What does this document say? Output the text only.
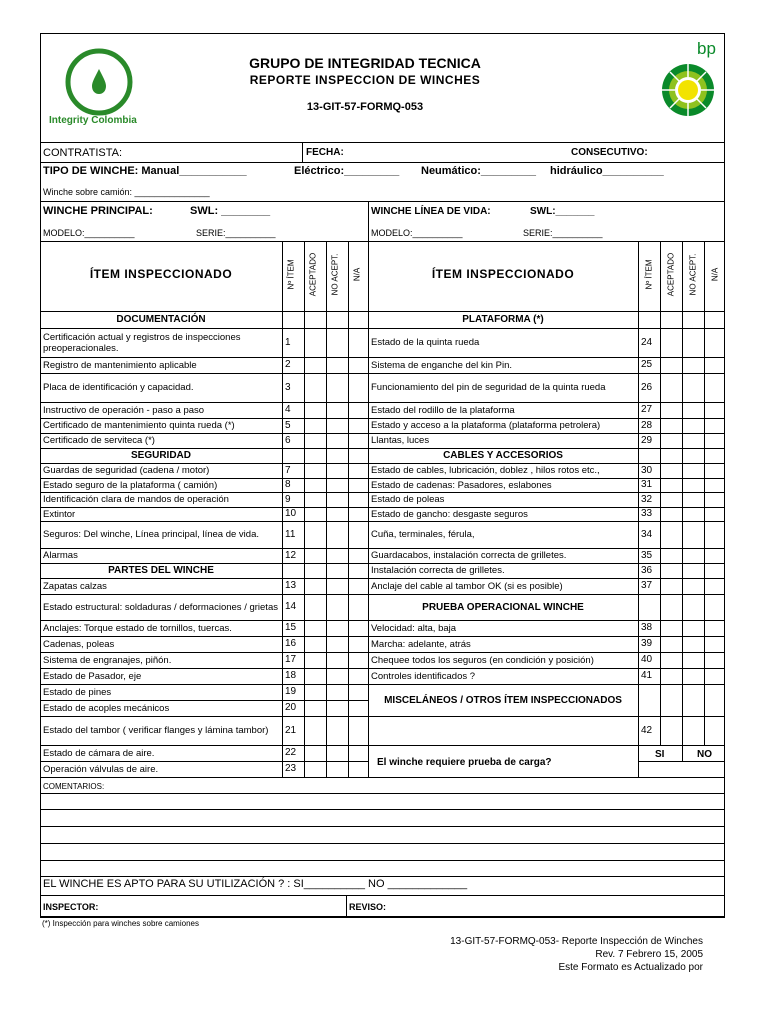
Integrity Colombia
GRUPO DE INTEGRIDAD TECNICA
REPORTE INSPECCION DE WINCHES
13-GIT-57-FORMQ-053
bp
CONTRATISTA:	FECHA:	CONSECUTIVO:
TIPO DE WINCHE: Manual___________	Eléctrico:_________ Neumático:_________ hidráulico__________
Winche sobre camión: _______________
WINCHE PRINCIPAL:	SWL: ________	WINCHE LÍNEA DE VIDA:	SWL:_______
MODELO:__________	SERIE:__________	MODELO:__________	SERIE:__________
ÍTEM INSPECCIONADO	ÍTEM INSPECCIONADO
Nº ÍTEM ACEPTADO NO ACEPT. N/A	Nº ÍTEM ACEPTADO NO ACEPT. N/A
DOCUMENTACIÓN
Certificación actual y registros de inspecciones preoperacionales.
1
Registro de mantenimiento aplicable	2
Placa de identificación y capacidad.	3
Instructivo de operación - paso a paso	4
Certificado de mantenimiento quinta rueda (*)	5
Certificado de serviteca (*)	6
SEGURIDAD
Guardas de seguridad (cadena / motor)	7
Estado seguro de la plataforma ( camión)	8
Identificación clara de mandos de operación	9
Extintor	10
Seguros: Del winche, Línea principal, línea de vida.	11
Alarmas	12
PARTES DEL WINCHE
Zapatas calzas	13
Estado estructural: soldaduras / deformaciones / grietas 14
Anclajes: Torque estado de tornillos, tuercas.	15
Cadenas, poleas	16
Sistema de engranajes, piñón.	17
Estado de Pasador, eje	18
Estado de pines	19
Estado de acoples mecánicos	20
Estado del tambor ( verificar flanges y lámina tambor)	21
Estado de cámara de aire.	22
Operación válvulas de aire.	23
PLATAFORMA (*)
Estado de la quinta rueda	24
Sistema de enganche del kin Pin.	25
Funcionamiento del pin de seguridad de la quinta rueda	26
Estado del rodillo de la plataforma	27
Estado y acceso a la plataforma (plataforma petrolera)	28
Llantas, luces	29
CABLES Y ACCESORIOS
Estado de cables, lubricación, doblez , hilos rotos etc.,	30
Estado de cadenas: Pasadores, eslabones	31
Estado de poleas	32
Estado de gancho: desgaste seguros	33
Cuña, terminales, férula,	34
Guardacabos, instalación correcta de grilletes.	35
Instalación correcta de grilletes.	36
Anclaje del cable al tambor OK (si es posible)	37
PRUEBA OPERACIONAL WINCHE
Velocidad: alta, baja	38
Marcha: adelante, atrás	39
Chequee todos los seguros (en condición y posición)	40
Controles identificados ?	41
MISCELÁNEOS / OTROS ÍTEM INSPECCIONADOS
42
El winche requiere prueba de carga?
SI	NO
COMENTARIOS:
EL WINCHE ES APTO PARA SU UTILIZACIÓN ? : SI__________ NO _____________
INSPECTOR:	REVISO:
(*) Inspección para winches sobre camiones
13-GIT-57-FORMQ-053- Reporte Inspección de Winches
Rev. 7 Febrero 15, 2005
Este Formato es Actualizado por
